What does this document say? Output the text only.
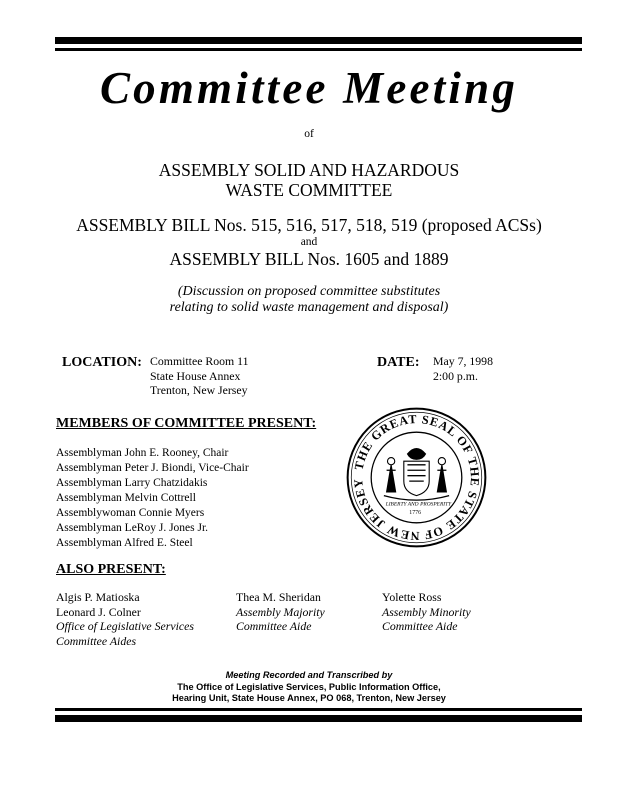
Committee Meeting
of
ASSEMBLY SOLID AND HAZARDOUS
WASTE COMMITTEE
ASSEMBLY BILL Nos. 515, 516, 517, 518, 519 (proposed ACSs)
and
ASSEMBLY BILL Nos. 1605 and 1889
(Discussion on proposed committee substitutes
relating to solid waste management and disposal)
LOCATION: Committee Room 11
State House Annex
Trenton, New Jersey
DATE: May 7, 1998
2:00 p.m.
MEMBERS OF COMMITTEE PRESENT:
Assemblyman John E. Rooney, Chair
Assemblyman Peter J. Biondi, Vice-Chair
Assemblyman Larry Chatzidakis
Assemblyman Melvin Cottrell
Assemblywoman Connie Myers
Assemblyman LeRoy J. Jones Jr.
Assemblyman Alfred E. Steel
THE GREAT SEAL OF THE STATE OF NEW JERSEY
LIBERTY AND PROSPERITY
1776
ALSO PRESENT:
Algis P. Matioska
Leonard J. Colner
Office of Legislative Services
Committee Aides
Thea M. Sheridan
Assembly Majority
Committee Aide
Yolette Ross
Assembly Minority
Committee Aide
Meeting Recorded and Transcribed by
The Office of Legislative Services, Public Information Office,
Hearing Unit, State House Annex, PO 068, Trenton, New Jersey
